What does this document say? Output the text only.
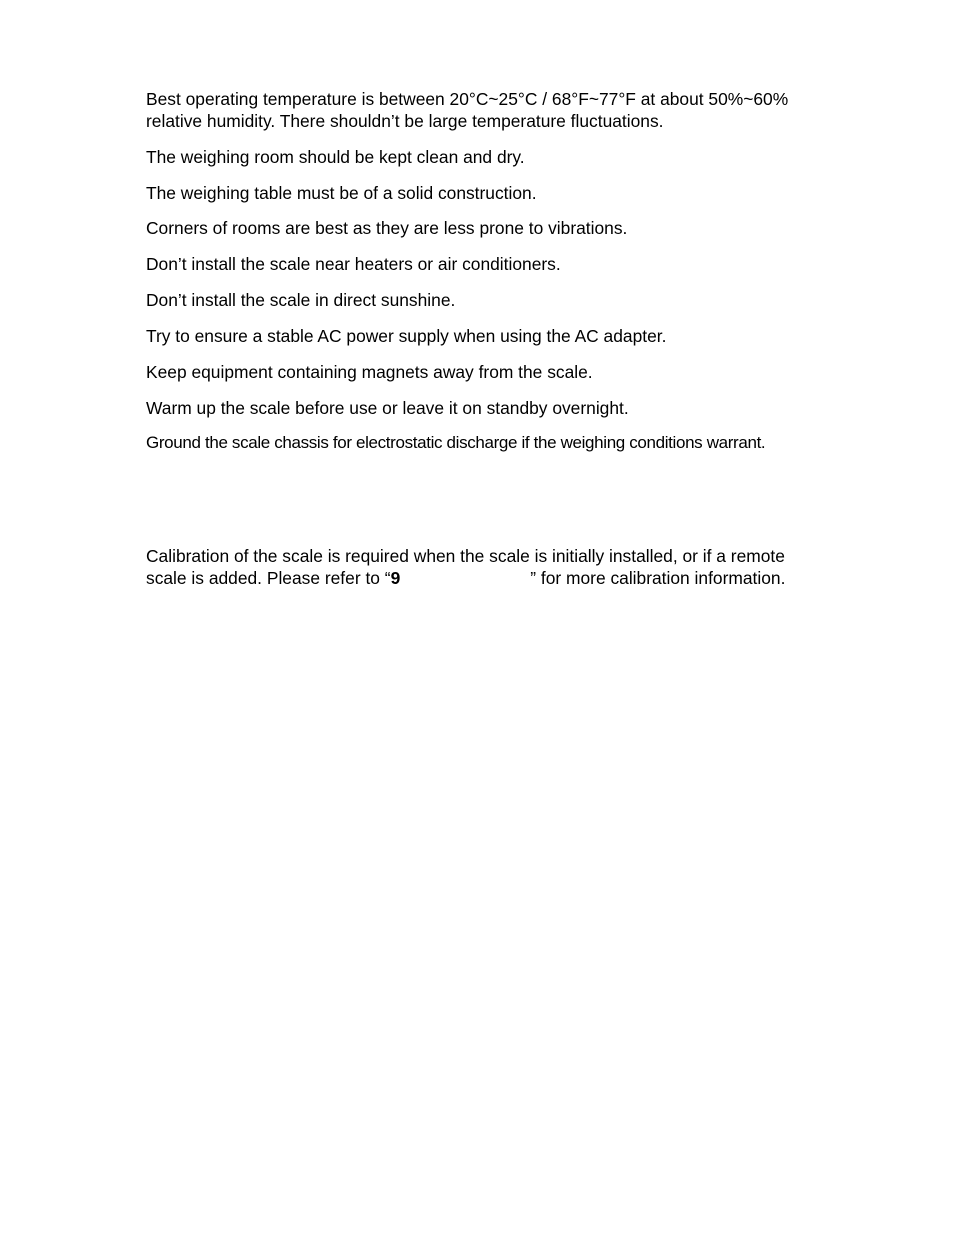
Best operating temperature is between 20°C~25°C / 68°F~77°F at about 50%~60%

relative humidity. There shouldn’t be large temperature fluctuations.

The weighing room should be kept clean and dry.

The weighing table must be of a solid construction.

Corners of rooms are best as they are less prone to vibrations.

Don’t install the scale near heaters or air conditioners.

Don’t install the scale in direct sunshine.

Try to ensure a stable AC power supply when using the AC adapter.

Keep equipment containing magnets away from the scale.

Warm up the scale before use or leave it on standby overnight.

Ground the scale chassis for electrostatic discharge if the weighing conditions warrant.

Calibration of the scale is required when the scale is initially installed, or if a remote

scale is added. Please refer to “9	” for more calibration information.
